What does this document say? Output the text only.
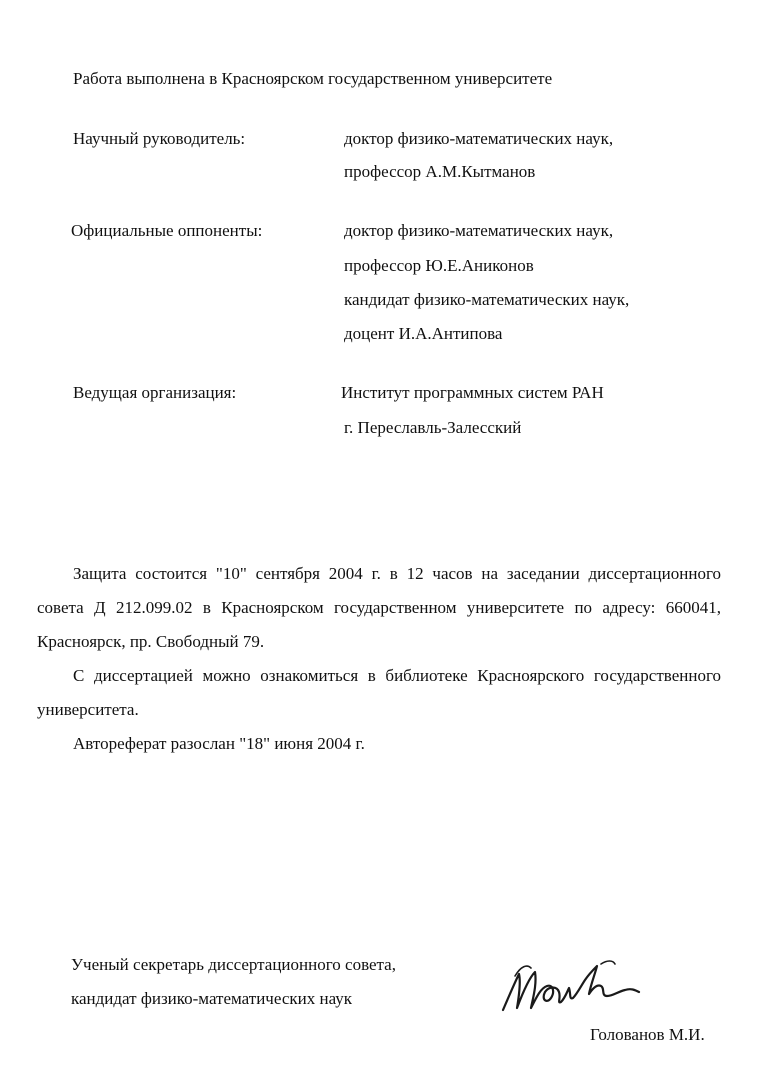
Работа выполнена в Красноярском государственном университете
Научный руководитель:	доктор физико-математических наук,
профессор А.М.Кытманов
Официальные оппоненты:	доктор физико-математических наук,
профессор Ю.Е.Аниконов
кандидат физико-математических наук,
доцент И.А.Антипова
Ведущая организация:	Институт программных систем РАН
г. Переславль-Залесский

Защита состоится "10" сентября 2004 г. в 12 часов на заседании диссертационного совета Д 212.099.02 в Красноярском государственном университете по адресу: 660041, Красноярск, пр. Свободный 79.

С диссертацией можно ознакомиться в библиотеке Красноярского государственного университета.

Автореферат разослан "18" июня 2004 г.

Ученый секретарь диссертационного совета,
кандидат физико-математических наук
Голованов М.И.
